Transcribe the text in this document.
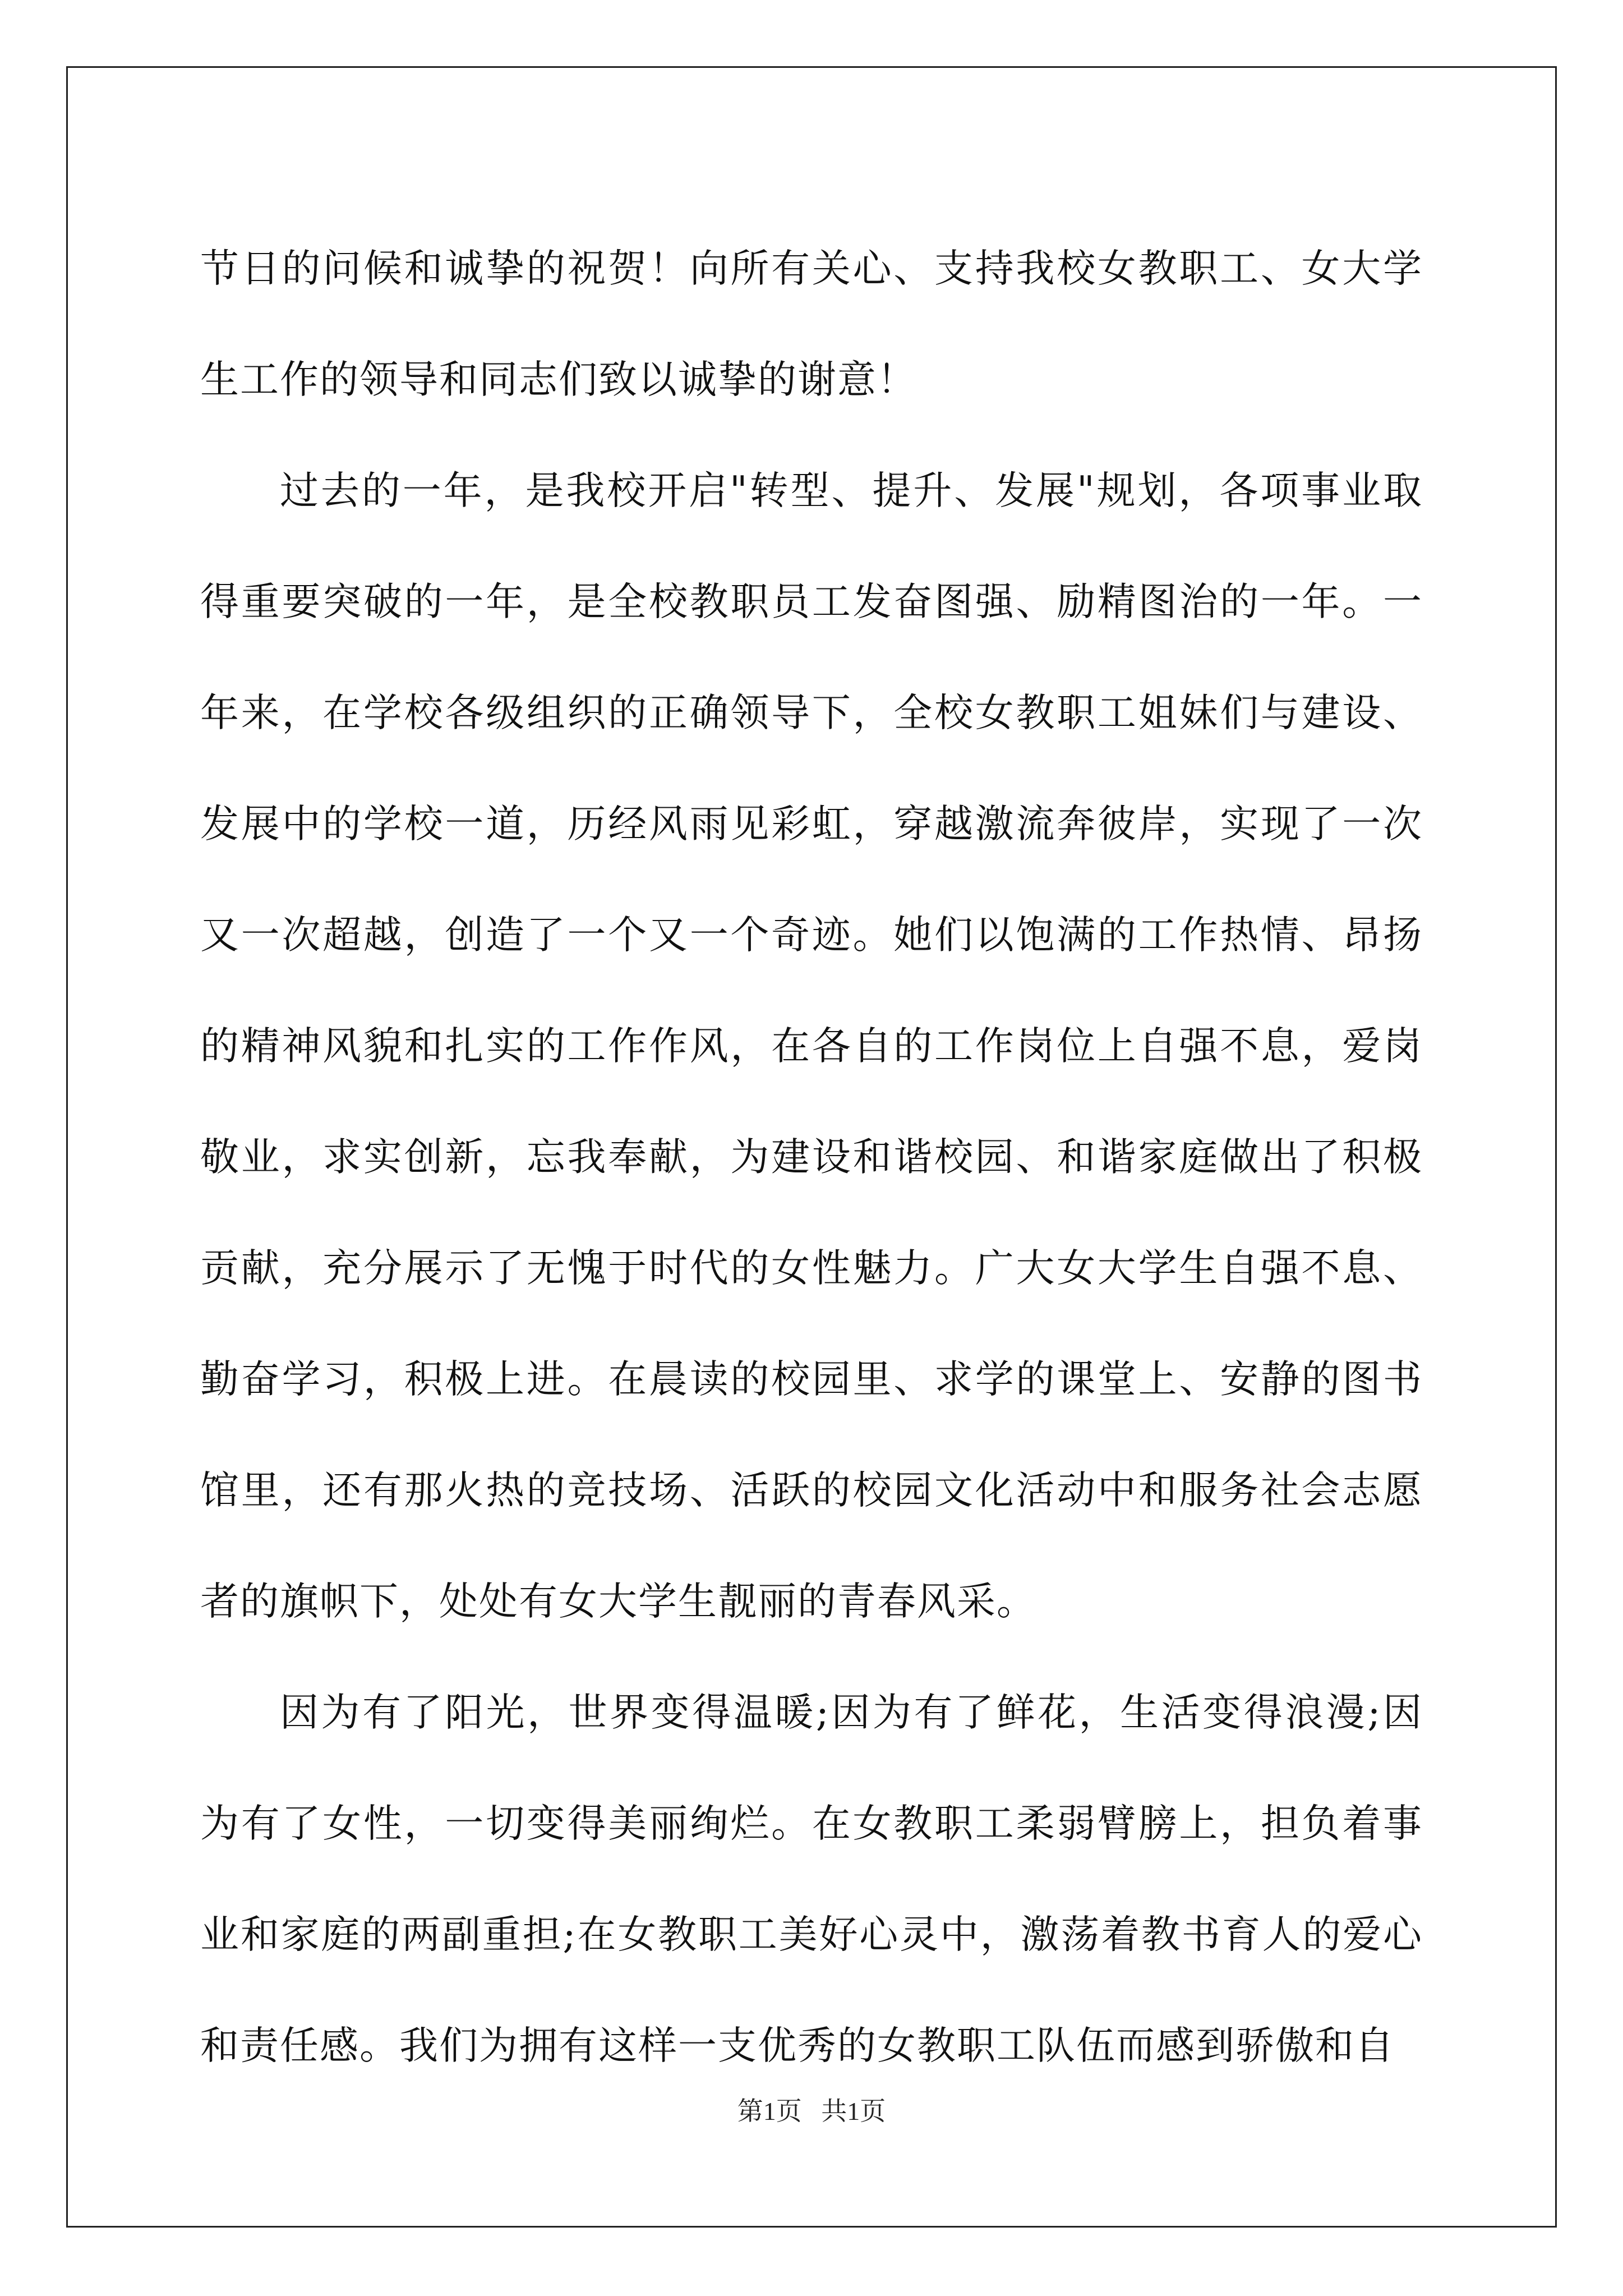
节日的问候和诚挚的祝贺！向所有关心、支持我校女教职工、女大学生工作的领导和同志们致以诚挚的谢意！

过去的一年，是我校开启"转型、提升、发展"规划，各项事业取得重要突破的一年，是全校教职员工发奋图强、励精图治的一年。一年来，在学校各级组织的正确领导下，全校女教职工姐妹们与建设、发展中的学校一道，历经风雨见彩虹，穿越激流奔彼岸，实现了一次又一次超越，创造了一个又一个奇迹。她们以饱满的工作热情、昂扬的精神风貌和扎实的工作作风，在各自的工作岗位上自强不息，爱岗敬业，求实创新，忘我奉献，为建设和谐校园、和谐家庭做出了积极贡献，充分展示了无愧于时代的女性魅力。广大女大学生自强不息、勤奋学习，积极上进。在晨读的校园里、求学的课堂上、安静的图书馆里，还有那火热的竞技场、活跃的校园文化活动中和服务社会志愿者的旗帜下，处处有女大学生靓丽的青春风采。

因为有了阳光，世界变得温暖;因为有了鲜花，生活变得浪漫;因为有了女性，一切变得美丽绚烂。在女教职工柔弱臂膀上，担负着事业和家庭的两副重担;在女教职工美好心灵中，激荡着教书育人的爱心和责任感。我们为拥有这样一支优秀的女教职工队伍而感到骄傲和自

第1页   共1页
